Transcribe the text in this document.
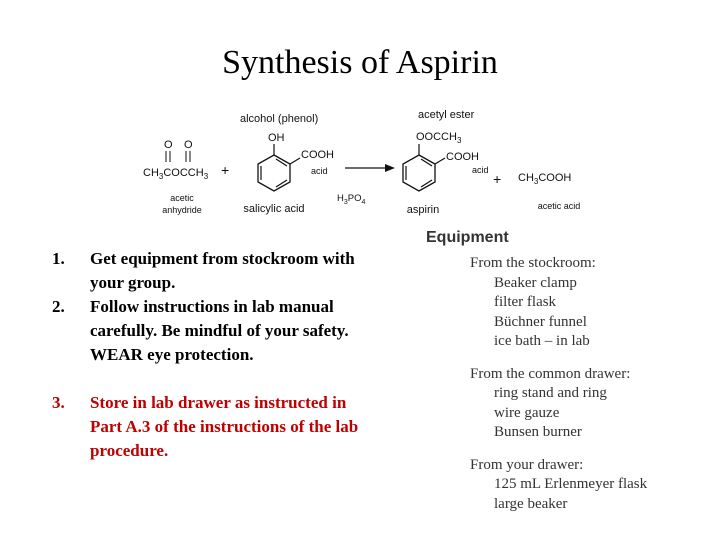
Synthesis of Aspirin
O O
$CH_3COCCH_3$
acetic
anhydride
+
alcohol (phenol)
OH
COOH
acid
salicylic acid
$H_3PO_4$
acetyl ester
$OOCCH_3$
COOH
acid
aspirin
+ $CH_3COOH$
acetic acid
1.	Get equipment from stockroom with your group.
2.	Follow instructions in lab manual carefully. Be mindful of your safety. WEAR eye protection.
3.	Store in lab drawer as instructed in Part A.3 of the instructions of the lab procedure.
Equipment
From the stockroom:
Beaker clamp
filter flask
Büchner funnel
ice bath – in lab
From the common drawer:
ring stand and ring
wire gauze
Bunsen burner
From your drawer:
125 mL Erlenmeyer flask
large beaker
